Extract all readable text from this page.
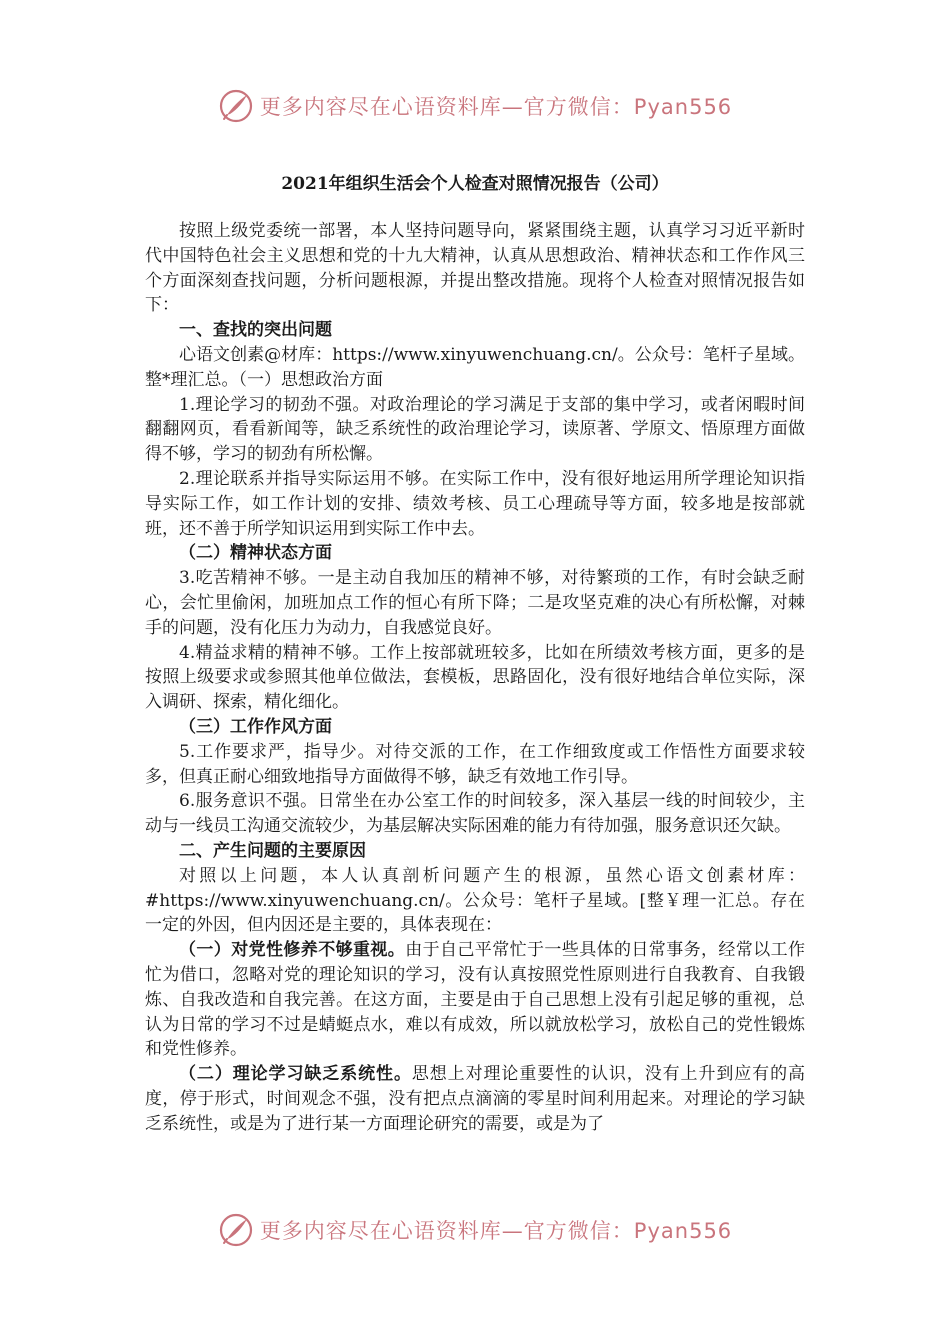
更多内容尽在心语资料库—官方微信：Pyan556
2021年组织生活会个人检查对照情况报告（公司）

按照上级党委统一部署，本人坚持问题导向，紧紧围绕主题，认真学习习近平新时代中国特色社会主义思想和党的十九大精神，认真从思想政治、精神状态和工作作风三个方面深刻查找问题，分析问题根源，并提出整改措施。现将个人检查对照情况报告如下：

一、查找的突出问题

心语文创素@材库：https://www.xinyuwenchuang.cn/。公众号：笔杆子星域。整*理汇总。（一）思想政治方面

1.理论学习的韧劲不强。对政治理论的学习满足于支部的集中学习，或者闲暇时间翻翻网页，看看新闻等，缺乏系统性的政治理论学习，读原著、学原文、悟原理方面做得不够，学习的韧劲有所松懈。

2.理论联系并指导实际运用不够。在实际工作中，没有很好地运用所学理论知识指导实际工作，如工作计划的安排、绩效考核、员工心理疏导等方面，较多地是按部就班，还不善于所学知识运用到实际工作中去。

（二）精神状态方面

3.吃苦精神不够。一是主动自我加压的精神不够，对待繁琐的工作，有时会缺乏耐心，会忙里偷闲，加班加点工作的恒心有所下降；二是攻坚克难的决心有所松懈，对棘手的问题，没有化压力为动力，自我感觉良好。

4.精益求精的精神不够。工作上按部就班较多，比如在所绩效考核方面，更多的是按照上级要求或参照其他单位做法，套模板，思路固化，没有很好地结合单位实际，深入调研、探索，精化细化。

（三）工作作风方面

5.工作要求严，指导少。对待交派的工作，在工作细致度或工作悟性方面要求较多，但真正耐心细致地指导方面做得不够，缺乏有效地工作引导。

6.服务意识不强。日常坐在办公室工作的时间较多，深入基层一线的时间较少，主动与一线员工沟通交流较少，为基层解决实际困难的能力有待加强，服务意识还欠缺。

二、产生问题的主要原因

对照以上问题，本人认真剖析问题产生的根源，虽然心语文创素材库：#https://www.xinyuwenchuang.cn/。公众号：笔杆子星域。[整￥理一汇总。存在一定的外因，但内因还是主要的，具体表现在：

（一）对党性修养不够重视。由于自己平常忙于一些具体的日常事务，经常以工作忙为借口，忽略对党的理论知识的学习，没有认真按照党性原则进行自我教育、自我锻炼、自我改造和自我完善。在这方面，主要是由于自己思想上没有引起足够的重视，总认为日常的学习不过是蜻蜓点水，难以有成效，所以就放松学习，放松自己的党性锻炼和党性修养。

（二）理论学习缺乏系统性。思想上对理论重要性的认识，没有上升到应有的高度，停于形式，时间观念不强，没有把点点滴滴的零星时间利用起来。对理论的学习缺乏系统性，或是为了进行某一方面理论研究的需要，或是为了

更多内容尽在心语资料库—官方微信：Pyan556
